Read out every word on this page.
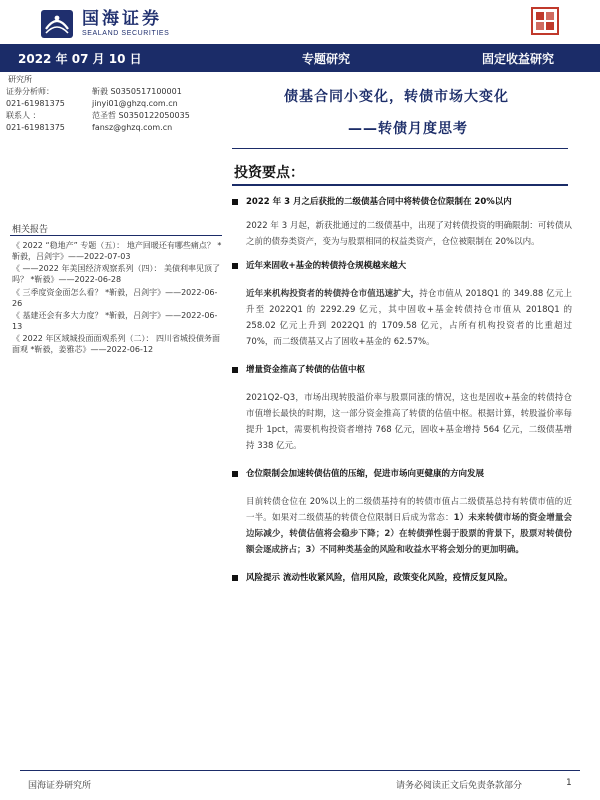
国海证券
SEALAND SECURITIES
2022 年 07 月 10 日	专题研究	固定收益研究
研究所
证券分析师：	靳毅 S0350517100001
021-61981375	jinyi01@ghzq.com.cn
联系人 ：	范圣哲 S0350122050035
021-61981375	fansz@ghzq.com.cn
债基合同小变化，转债市场大变化
——转债月度思考
投资要点：
相关报告
《 2022 “稳地产” 专题（五）： 地产回暖还有哪些痛点？ *靳毅，吕剑宇》——2022-07-03
《 ——2022 年美国经济观察系列（四）： 美债利率见顶了吗？ *靳毅》——2022-06-28
《 三季度资金面怎么看？ *靳毅，吕剑宇》——2022-06-26
《 基建还会有多大力度？ *靳毅，吕剑宇》——2022-06-13
《 2022 年区域城投面面观系列（二）： 四川省城投债务面面观 *靳毅，姜雅芯》——2022-06-12
2022 年 3 月之后获批的二级债基合同中将转债仓位限制在 20%以内

2022 年 3 月起，新获批通过的二级债基中，出现了对转债投资的明确限制：可转债从之前的债券类资产，变为与股票相同的权益类资产，仓位被限制在 20%以内。

近年来固收+基金的转债持仓规模越来越大

近年来机构投资者的转债持仓市值迅速扩大，持仓市值从 2018Q1 的 349.88 亿元上升至 2022Q1 的 2292.29 亿元，其中固收+基金转债持仓市值从 2018Q1 的 258.02 亿元上升到 2022Q1 的 1709.58 亿元，占所有机构投资者的比重超过 70%，而二级债基又占了固收+基金的 62.57%。

增量资金推高了转债的估值中枢

2021Q2-Q3，市场出现转股溢价率与股票同涨的情况，这也是固收+基金的转债持仓市值增长最快的时期，这一部分资金推高了转债的估值中枢。根据计算，转股溢价率每提升 1pct，需要机构投资者增持 768 亿元，固收+基金增持 564 亿元，二级债基增持 338 亿元。

仓位限制会加速转债估值的压缩，促进市场向更健康的方向发展

目前转债仓位在 20%以上的二级债基持有的转债市值占二级债基总持有转债市值的近一半。如果对二级债基的转债仓位限制日后成为常态：1）未来转债市场的资金增量会边际减少，转债估值将会稳步下降；2）在转债弹性弱于股票的背景下，股票对转债份额会逐成挤占；3）不同种类基金的风险和收益水平将会划分的更加明确。

风险提示 流动性收紧风险，信用风险，政策变化风险，疫情反复风险。
国海证券研究所	请务必阅读正文后免责条款部分	1
